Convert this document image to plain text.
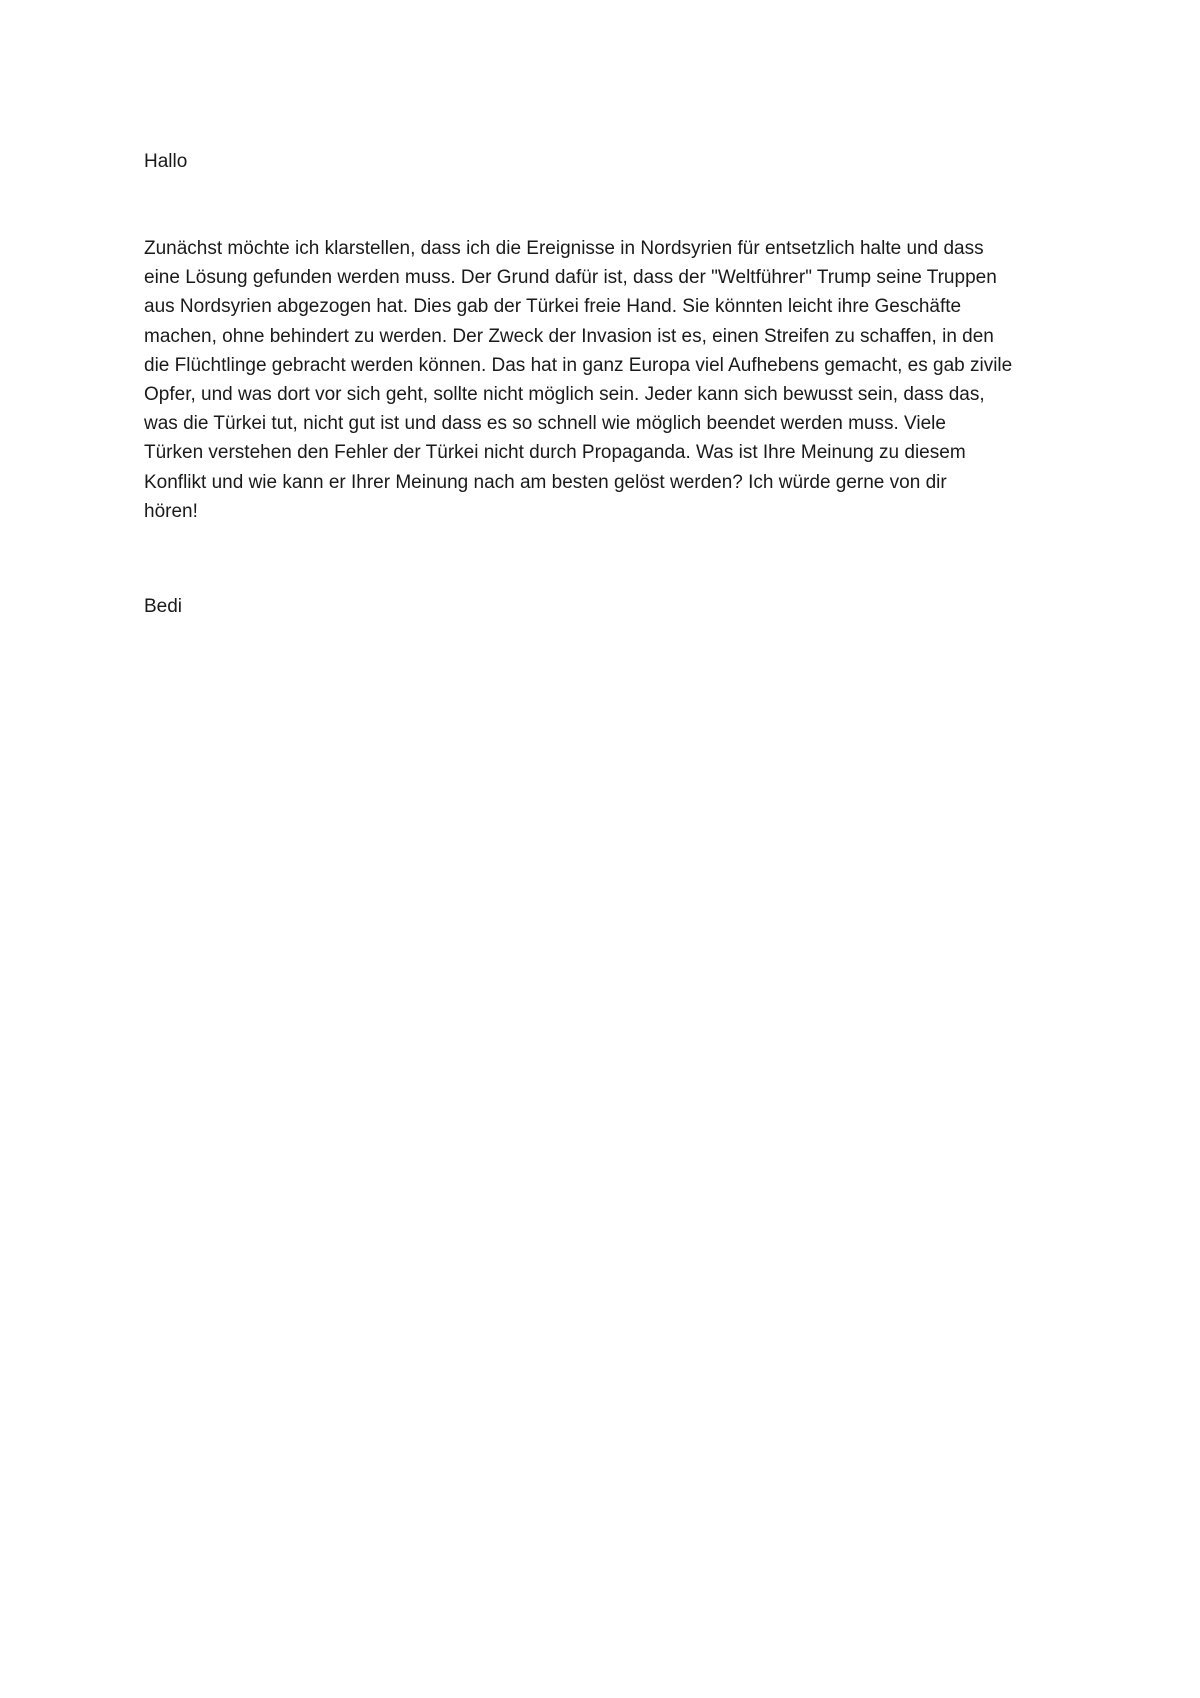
Hallo

Zunächst möchte ich klarstellen, dass ich die Ereignisse in Nordsyrien für entsetzlich halte und dass
eine Lösung gefunden werden muss. Der Grund dafür ist, dass der "Weltführer" Trump seine Truppen
aus Nordsyrien abgezogen hat. Dies gab der Türkei freie Hand. Sie könnten leicht ihre Geschäfte
machen, ohne behindert zu werden. Der Zweck der Invasion ist es, einen Streifen zu schaffen, in den
die Flüchtlinge gebracht werden können. Das hat in ganz Europa viel Aufhebens gemacht, es gab zivile
Opfer, und was dort vor sich geht, sollte nicht möglich sein. Jeder kann sich bewusst sein, dass das,
was die Türkei tut, nicht gut ist und dass es so schnell wie möglich beendet werden muss. Viele
Türken verstehen den Fehler der Türkei nicht durch Propaganda. Was ist Ihre Meinung zu diesem
Konflikt und wie kann er Ihrer Meinung nach am besten gelöst werden? Ich würde gerne von dir
hören!

Bedi
